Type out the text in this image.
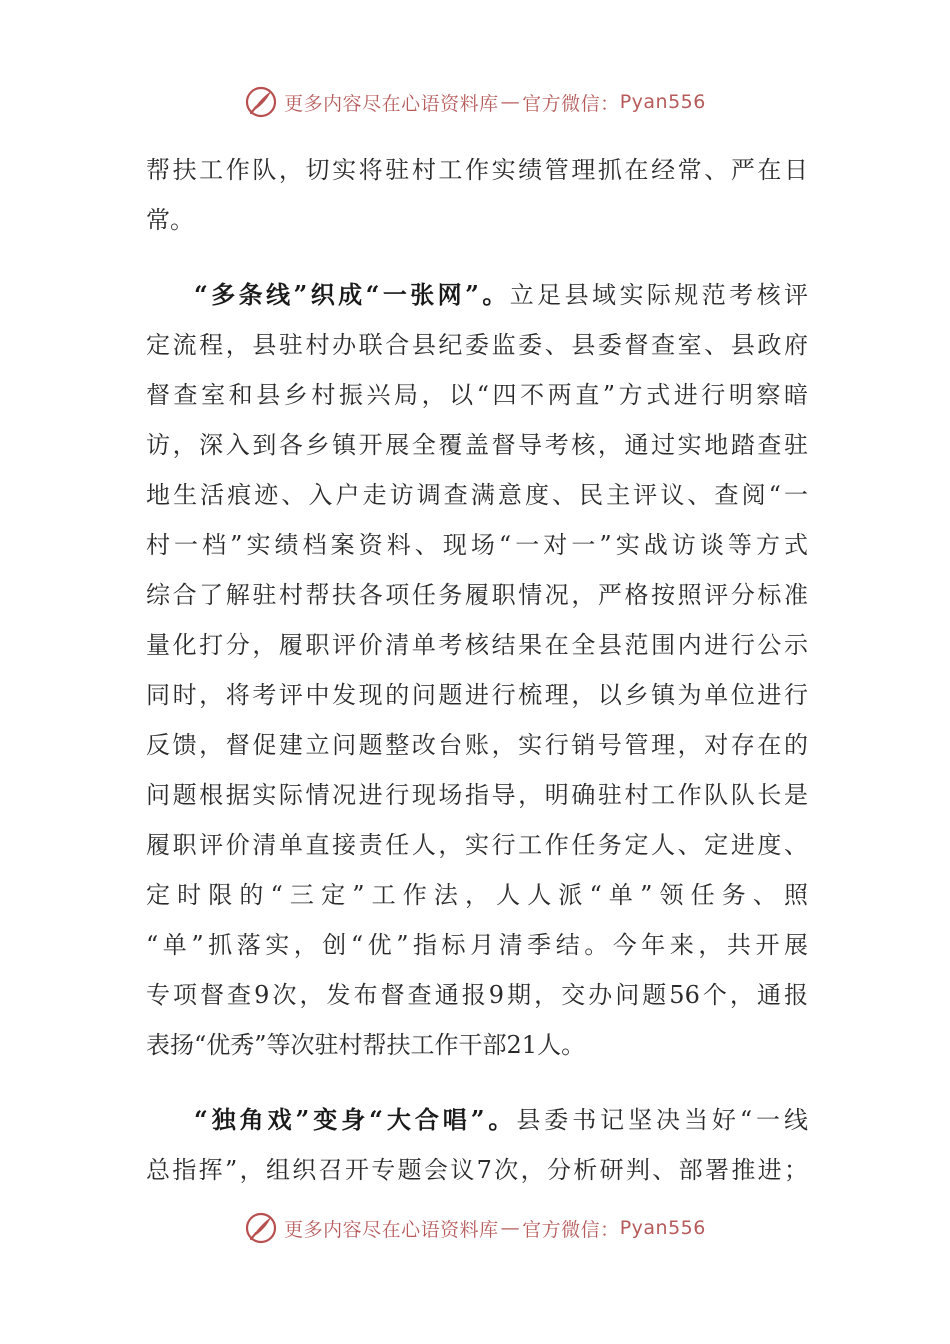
更多内容尽在心语资料库 — 官方微信： Pyan556
帮扶工作队，切实将驻村工作实绩管理抓在经常、严在日
常。
“多条线”织成“一张网”。立足县域实际规范考核评
定流程，县驻村办联合县纪委监委、县委督查室、县政府
督查室和县乡村振兴局，以“四不两直”方式进行明察暗
访，深入到各乡镇开展全覆盖督导考核，通过实地踏查驻
地生活痕迹、入户走访调查满意度、民主评议、查阅“一
村一档”实绩档案资料、现场“一对一”实战访谈等方式
综合了解驻村帮扶各项任务履职情况，严格按照评分标准
量化打分，履职评价清单考核结果在全县范围内进行公示
同时，将考评中发现的问题进行梳理，以乡镇为单位进行
反馈，督促建立问题整改台账，实行销号管理，对存在的
问题根据实际情况进行现场指导，明确驻村工作队队长是
履职评价清单直接责任人，实行工作任务定人、定进度、
定时限的“三定”工作法，人人派“单”领任务、照
“单”抓落实，创“优”指标月清季结。今年来，共开展
专项督查9次，发布督查通报9期，交办问题56个，通报
表扬“优秀”等次驻村帮扶工作干部21人。
“独角戏”变身“大合唱”。县委书记坚决当好“一线
总指挥”，组织召开专题会议7次，分析研判、部署推进；
更多内容尽在心语资料库 — 官方微信： Pyan556
